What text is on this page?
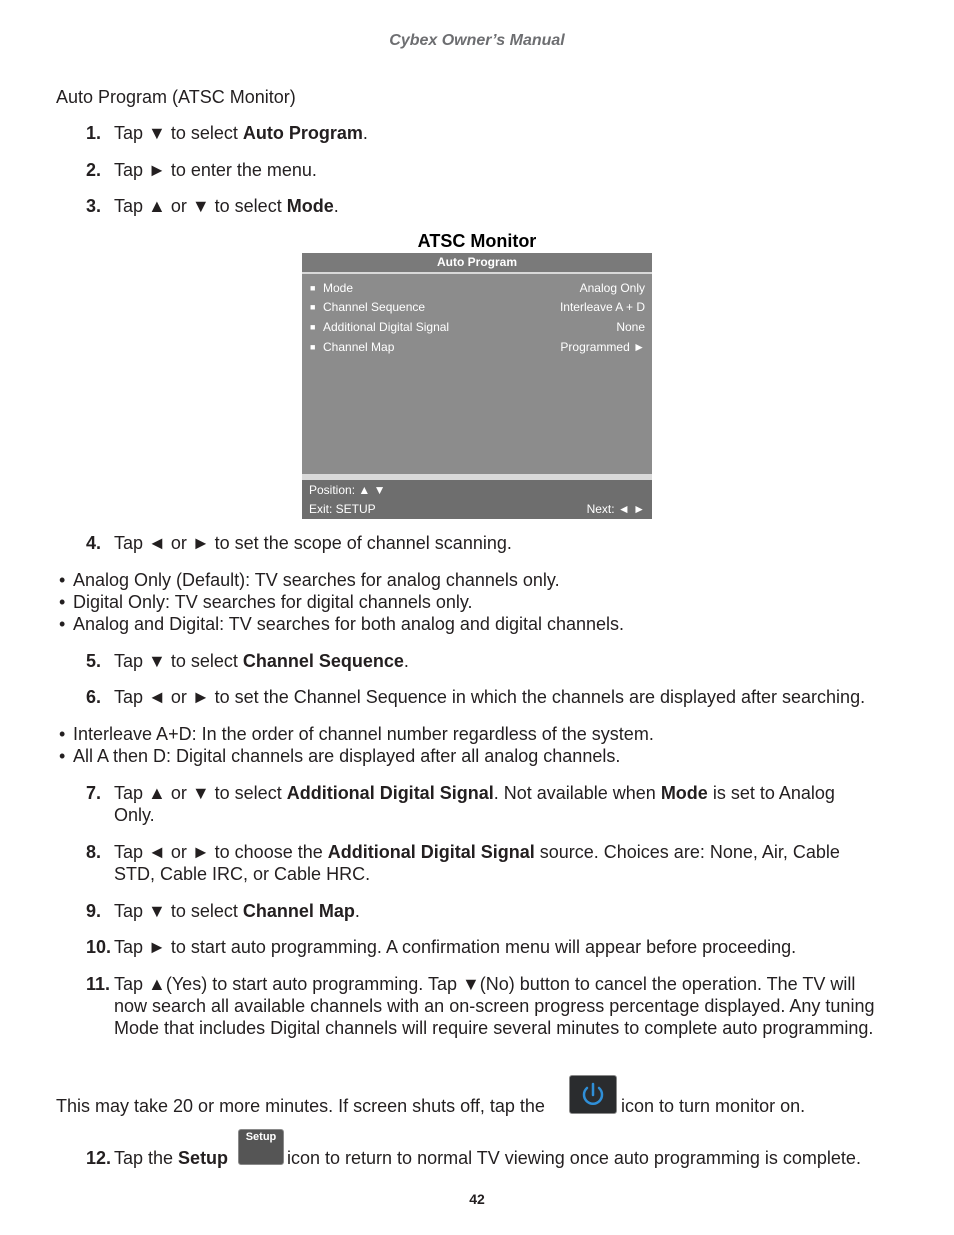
Cybex Owner’s Manual
Auto Program (ATSC Monitor)
1. Tap ▼ to select Auto Program.
2. Tap ► to enter the menu.
3. Tap ▲ or ▼ to select Mode.
ATSC Monitor
Auto Program
■ Mode	Analog Only
■ Channel Sequence	Interleave A + D
■ Additional Digital Signal	None
■ Channel Map	Programmed ►
Position: ▲ ▼
Exit: SETUP	Next: ◄ ►
4. Tap ◄ or ► to set the scope of channel scanning.
• Analog Only (Default): TV searches for analog channels only.
• Digital Only: TV searches for digital channels only.
• Analog and Digital: TV searches for both analog and digital channels.
5. Tap ▼ to select Channel Sequence.
6. Tap ◄ or ► to set the Channel Sequence in which the channels are displayed after searching.
• Interleave A+D: In the order of channel number regardless of the system.
• All A then D: Digital channels are displayed after all analog channels.
7. Tap ▲ or ▼ to select Additional Digital Signal. Not available when Mode is set to Analog Only.
8. Tap ◄ or ► to choose the Additional Digital Signal source. Choices are: None, Air, Cable STD, Cable IRC, or Cable HRC.
9. Tap ▼ to select Channel Map.
10. Tap ► to start auto programming. A confirmation menu will appear before proceeding.
11. Tap ▲(Yes) to start auto programming. Tap ▼(No) button to cancel the operation. The TV will now search all available channels with an on-screen progress percentage displayed. Any tuning Mode that includes Digital channels will require several minutes to complete auto programming.
This may take 20 or more minutes. If screen shuts off, tap the	icon to turn monitor on.
12. Tap the Setup
Setup
icon to return to normal TV viewing once auto programming is complete.
42
